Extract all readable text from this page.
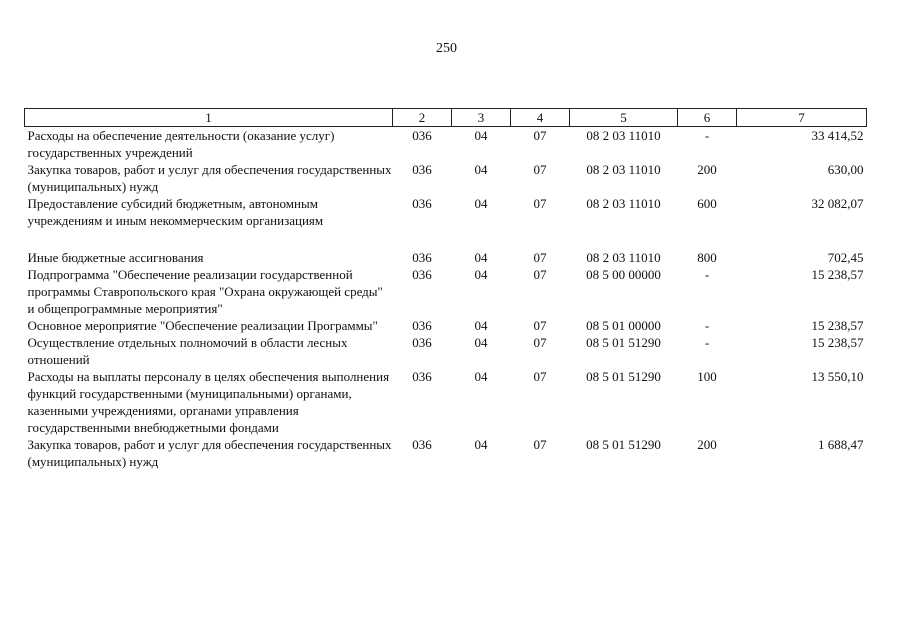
250
1	2	3	4	5	6	7
Расходы на обеспечение деятельности (оказание услуг) государственных учреждений	036	04	07	08 2 03 11010	-	33 414,52
Закупка товаров, работ и услуг для обеспечения государственных (муниципальных) нужд	036	04	07	08 2 03 11010	200	630,00
Предоставление субсидий бюджетным, автономным учреждениям и иным некоммерческим организациям	036	04	07	08 2 03 11010	600	32 082,07
Иные бюджетные ассигнования	036	04	07	08 2 03 11010	800	702,45
Подпрограмма "Обеспечение реализации государственной программы Ставропольского края "Охрана окружающей среды" и общепрограммные мероприятия"	036	04	07	08 5 00 00000	-	15 238,57
Основное мероприятие "Обеспечение реализации Программы"	036	04	07	08 5 01 00000	-	15 238,57
Осуществление отдельных полномочий в области лесных отношений	036	04	07	08 5 01 51290	-	15 238,57
Расходы на выплаты персоналу в целях обеспечения выполнения функций государственными (муниципальными) органами, казенными учреждениями, органами управления государственными внебюджетными фондами	036	04	07	08 5 01 51290	100	13 550,10
Закупка товаров, работ и услуг для обеспечения государственных (муниципальных) нужд	036	04	07	08 5 01 51290	200	1 688,47
